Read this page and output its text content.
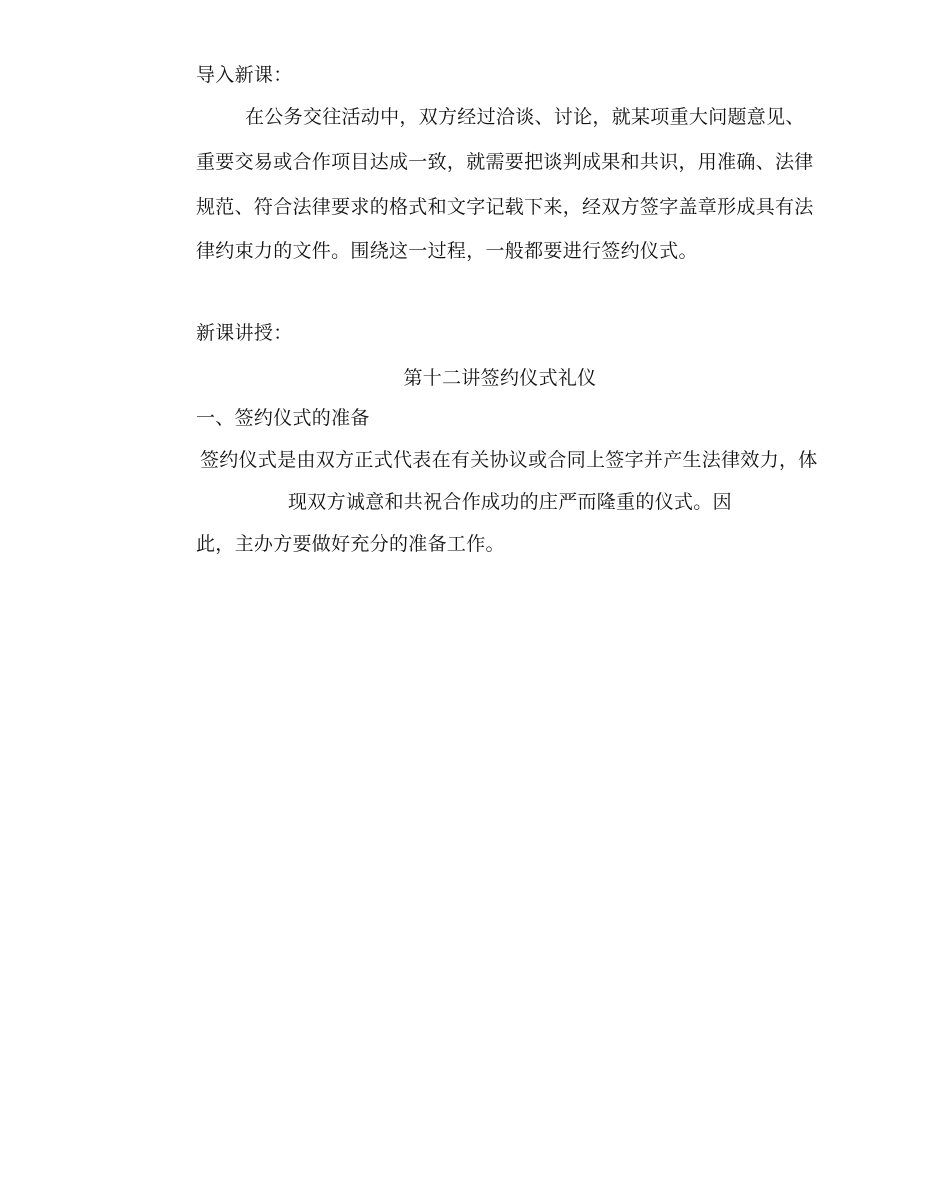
导入新课：
在公务交往活动中，双方经过洽谈、讨论，就某项重大问题意见、
重要交易或合作项目达成一致，就需要把谈判成果和共识，用准确、法律
规范、符合法律要求的格式和文字记载下来，经双方签字盖章形成具有法
律约束力的文件。围绕这一过程，一般都要进行签约仪式。
新课讲授：
第十二讲签约仪式礼仪
一、签约仪式的准备
签约仪式是由双方正式代表在有关协议或合同上签字并产生法律效力，体
现双方诚意和共祝合作成功的庄严而隆重的仪式。因
此，主办方要做好充分的准备工作。
